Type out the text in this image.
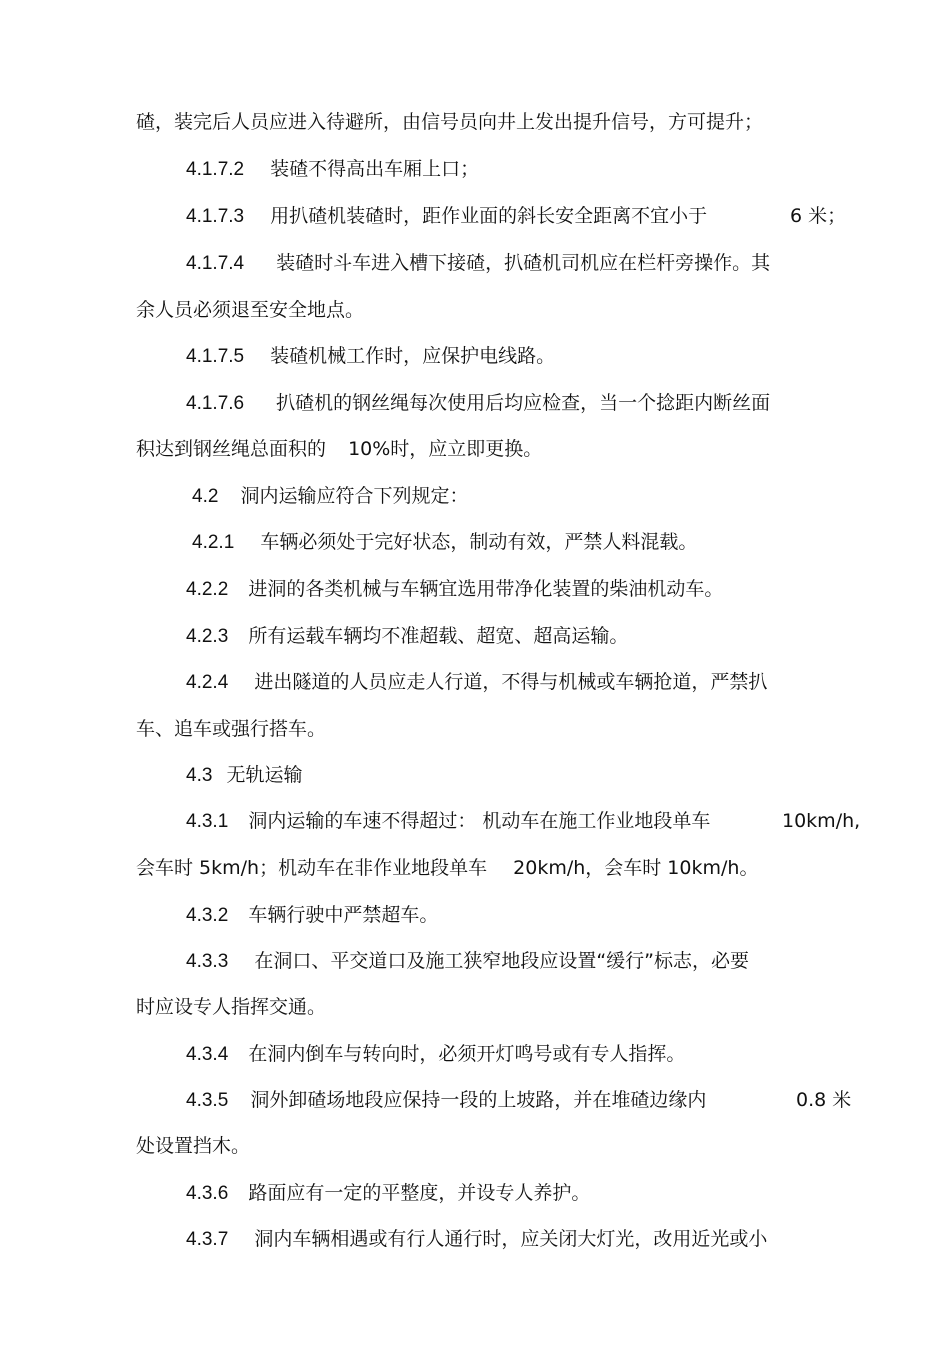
碴，装完后人员应进入待避所，由信号员向井上发出提升信号，方可提升；
4.1.7.2 装碴不得高出车厢上口；
4.1.7.3 用扒碴机装碴时，距作业面的斜长安全距离不宜小于	6 米；
4.1.7.4 装碴时斗车进入槽下接碴，扒碴机司机应在栏杆旁操作。其
余人员必须退至安全地点。
4.1.7.5 装碴机械工作时，应保护电线路。
4.1.7.6 扒碴机的钢丝绳每次使用后均应检查，当一个捻距内断丝面
积达到钢丝绳总面积的 10%时，应立即更换。
4.2 洞内运输应符合下列规定：
4.2.1 车辆必须处于完好状态，制动有效，严禁人料混载。
4.2.2 进洞的各类机械与车辆宜选用带净化装置的柴油机动车。
4.2.3 所有运载车辆均不准超载、超宽、超高运输。
4.2.4 进出隧道的人员应走人行道，不得与机械或车辆抢道，严禁扒
车、追车或强行搭车。
4.3 无轨运输
4.3.1 洞内运输的车速不得超过： 机动车在施工作业地段单车	10km/h,
会车时 5km/h；机动车在非作业地段单车 20km/h，会车时 10km/h。
4.3.2 车辆行驶中严禁超车。
4.3.3 在洞口、平交道口及施工狭窄地段应设置“缓行”标志，必要
时应设专人指挥交通。
4.3.4 在洞内倒车与转向时，必须开灯鸣号或有专人指挥。
4.3.5 洞外卸碴场地段应保持一段的上坡路，并在堆碴边缘内	0.8 米
处设置挡木。
4.3.6 路面应有一定的平整度，并设专人养护。
4.3.7 洞内车辆相遇或有行人通行时，应关闭大灯光，改用近光或小
